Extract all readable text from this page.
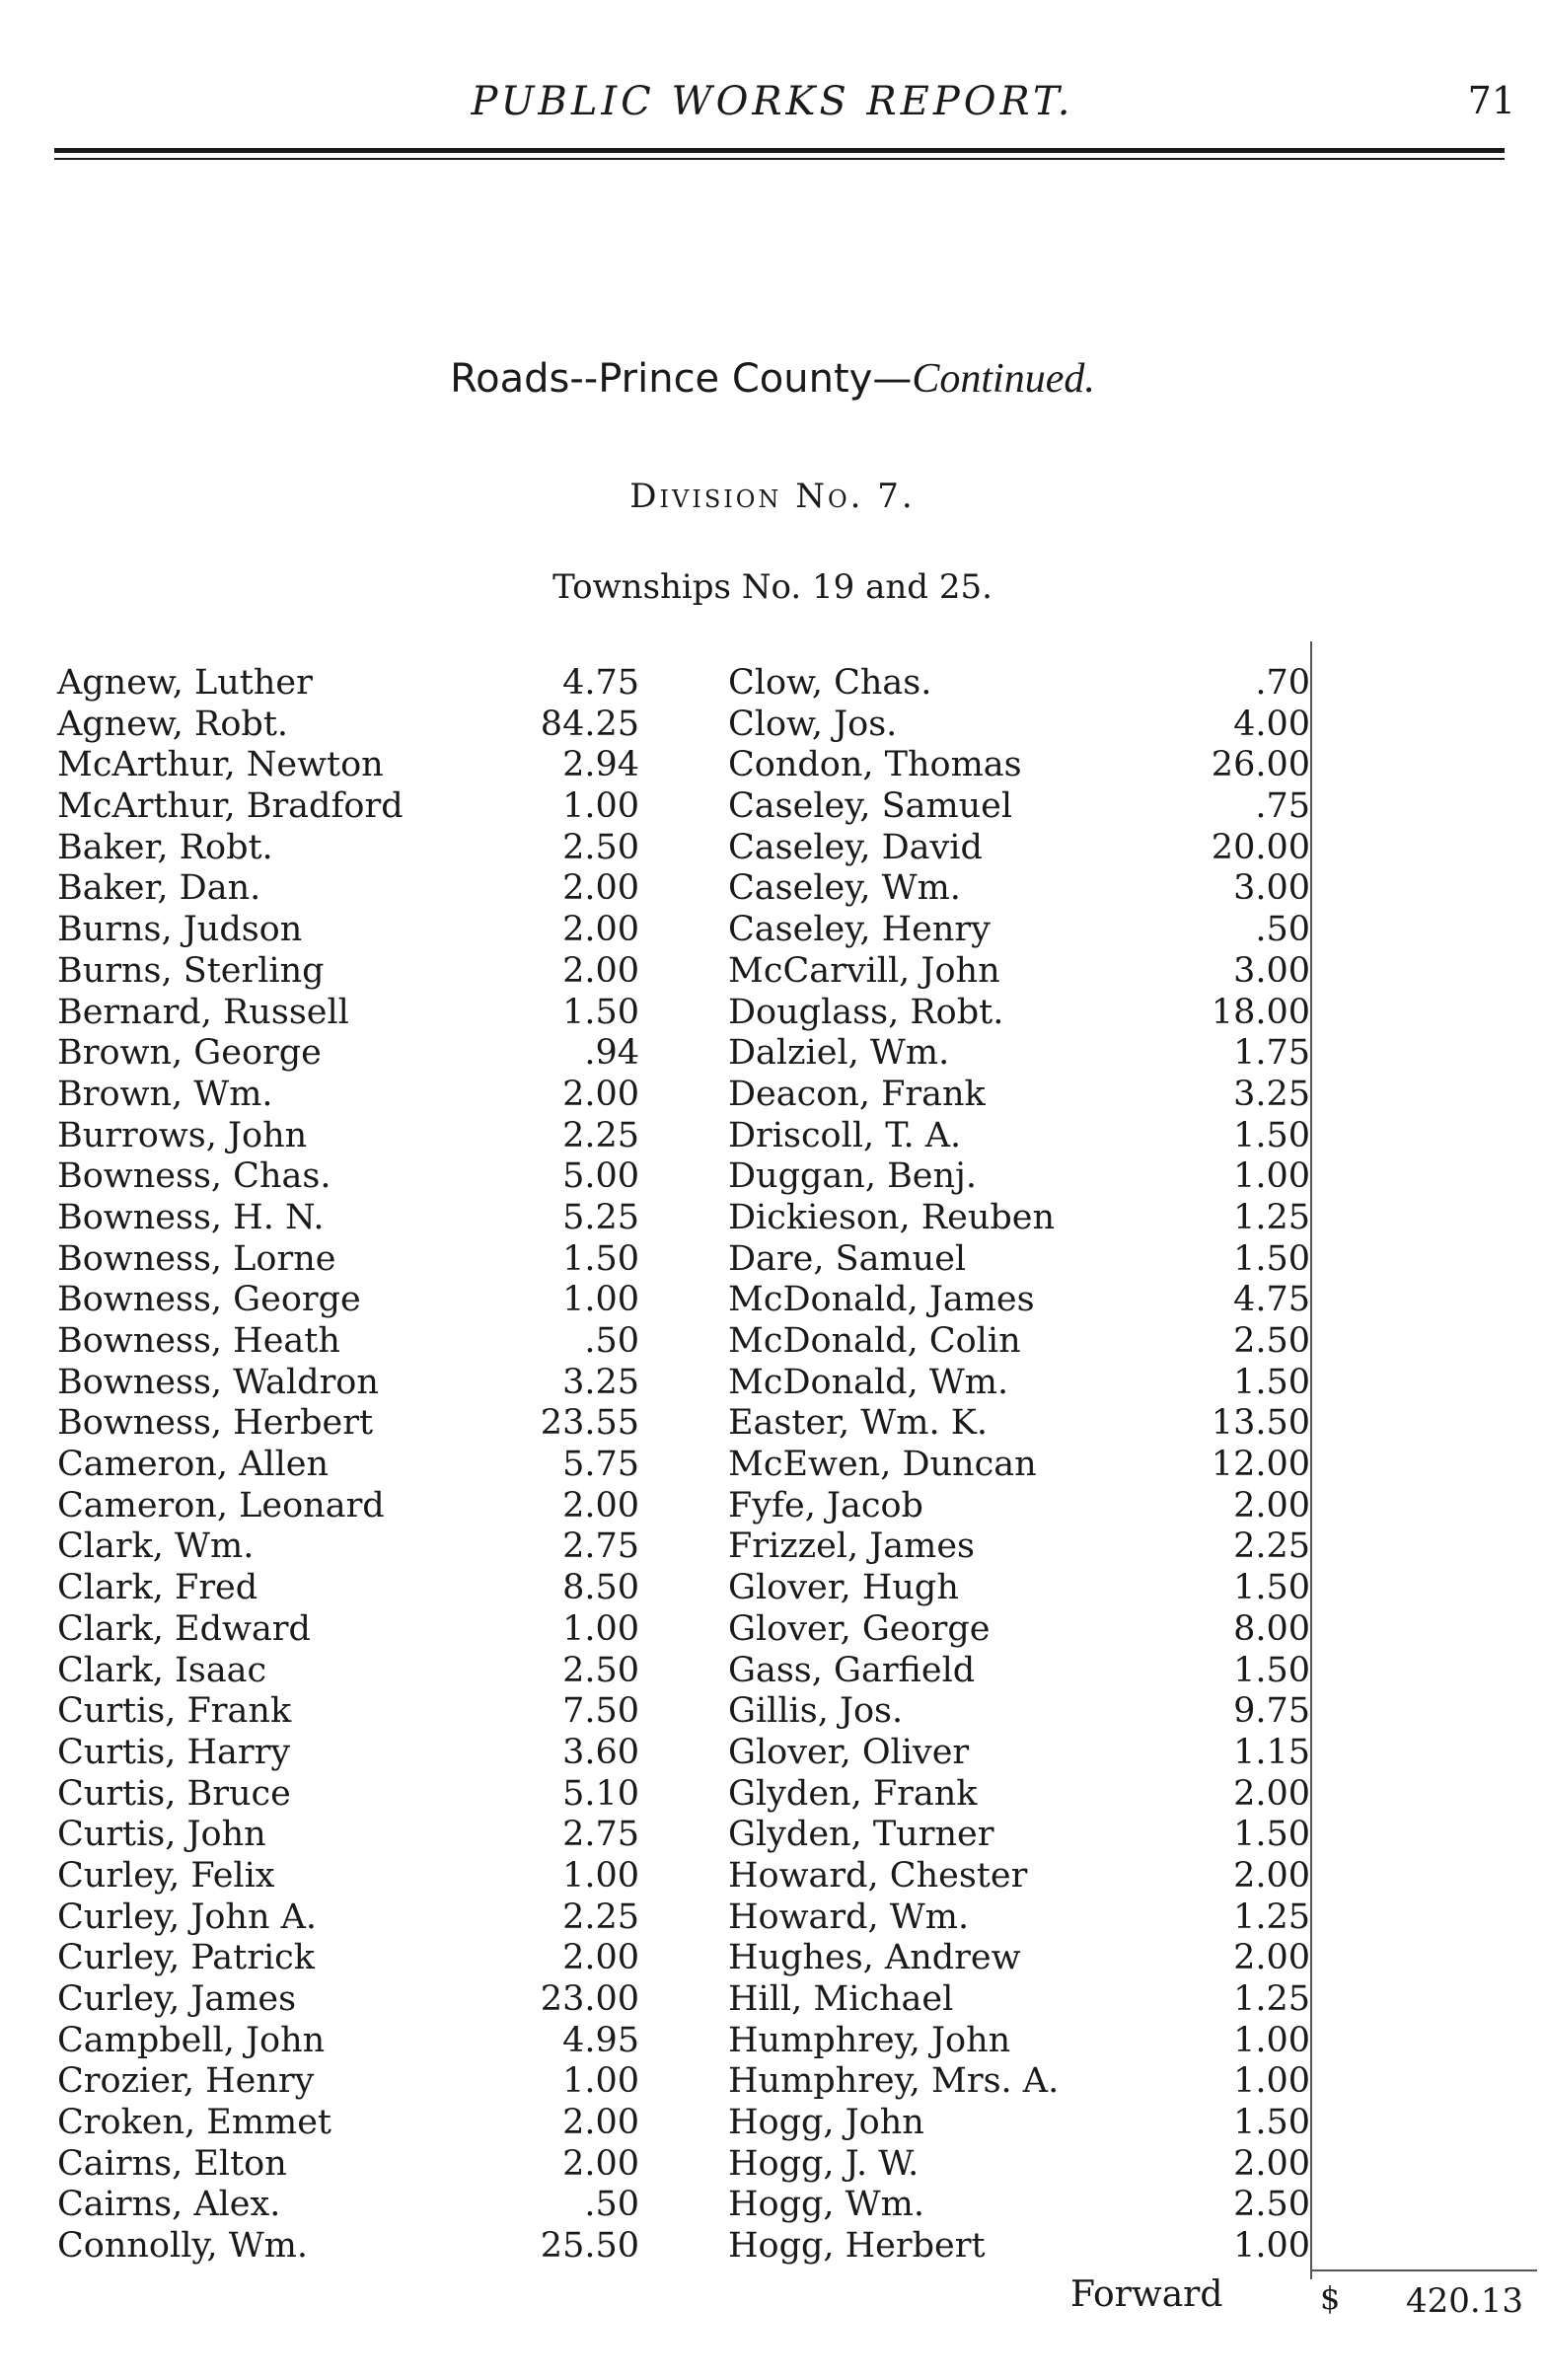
PUBLIC WORKS REPORT.	71
Roads--Prince County—Continued.
Division No. 7.
Townships No. 19 and 25.
Agnew, Luther	4.75
Agnew, Robt.	84.25
McArthur, Newton	2.94
McArthur, Bradford	1.00
Baker, Robt.	2.50
Baker, Dan.	2.00
Burns, Judson	2.00
Burns, Sterling	2.00
Bernard, Russell	1.50
Brown, George	.94
Brown, Wm.	2.00
Burrows, John	2.25
Bowness, Chas.	5.00
Bowness, H. N.	5.25
Bowness, Lorne	1.50
Bowness, George	1.00
Bowness, Heath	.50
Bowness, Waldron	3.25
Bowness, Herbert	23.55
Cameron, Allen	5.75
Cameron, Leonard	2.00
Clark, Wm.	2.75
Clark, Fred	8.50
Clark, Edward	1.00
Clark, Isaac	2.50
Curtis, Frank	7.50
Curtis, Harry	3.60
Curtis, Bruce	5.10
Curtis, John	2.75
Curley, Felix	1.00
Curley, John A.	2.25
Curley, Patrick	2.00
Curley, James	23.00
Campbell, John	4.95
Crozier, Henry	1.00
Croken, Emmet	2.00
Cairns, Elton	2.00
Cairns, Alex.	.50
Connolly, Wm.	25.50
Clow, Chas.	.70
Clow, Jos.	4.00
Condon, Thomas	26.00
Caseley, Samuel	.75
Caseley, David	20.00
Caseley, Wm.	3.00
Caseley, Henry	.50
McCarvill, John	3.00
Douglass, Robt.	18.00
Dalziel, Wm.	1.75
Deacon, Frank	3.25
Driscoll, T. A.	1.50
Duggan, Benj.	1.00
Dickieson, Reuben	1.25
Dare, Samuel	1.50
McDonald, James	4.75
McDonald, Colin	2.50
McDonald, Wm.	1.50
Easter, Wm. K.	13.50
McEwen, Duncan	12.00
Fyfe, Jacob	2.00
Frizzel, James	2.25
Glover, Hugh	1.50
Glover, George	8.00
Gass, Garfield	1.50
Gillis, Jos.	9.75
Glover, Oliver	1.15
Glyden, Frank	2.00
Glyden, Turner	1.50
Howard, Chester	2.00
Howard, Wm.	1.25
Hughes, Andrew	2.00
Hill, Michael	1.25
Humphrey, John	1.00
Humphrey, Mrs. A.	1.00
Hogg, John	1.50
Hogg, J. W.	2.00
Hogg, Wm.	2.50
Hogg, Herbert	1.00
Forward	$ 420.13
